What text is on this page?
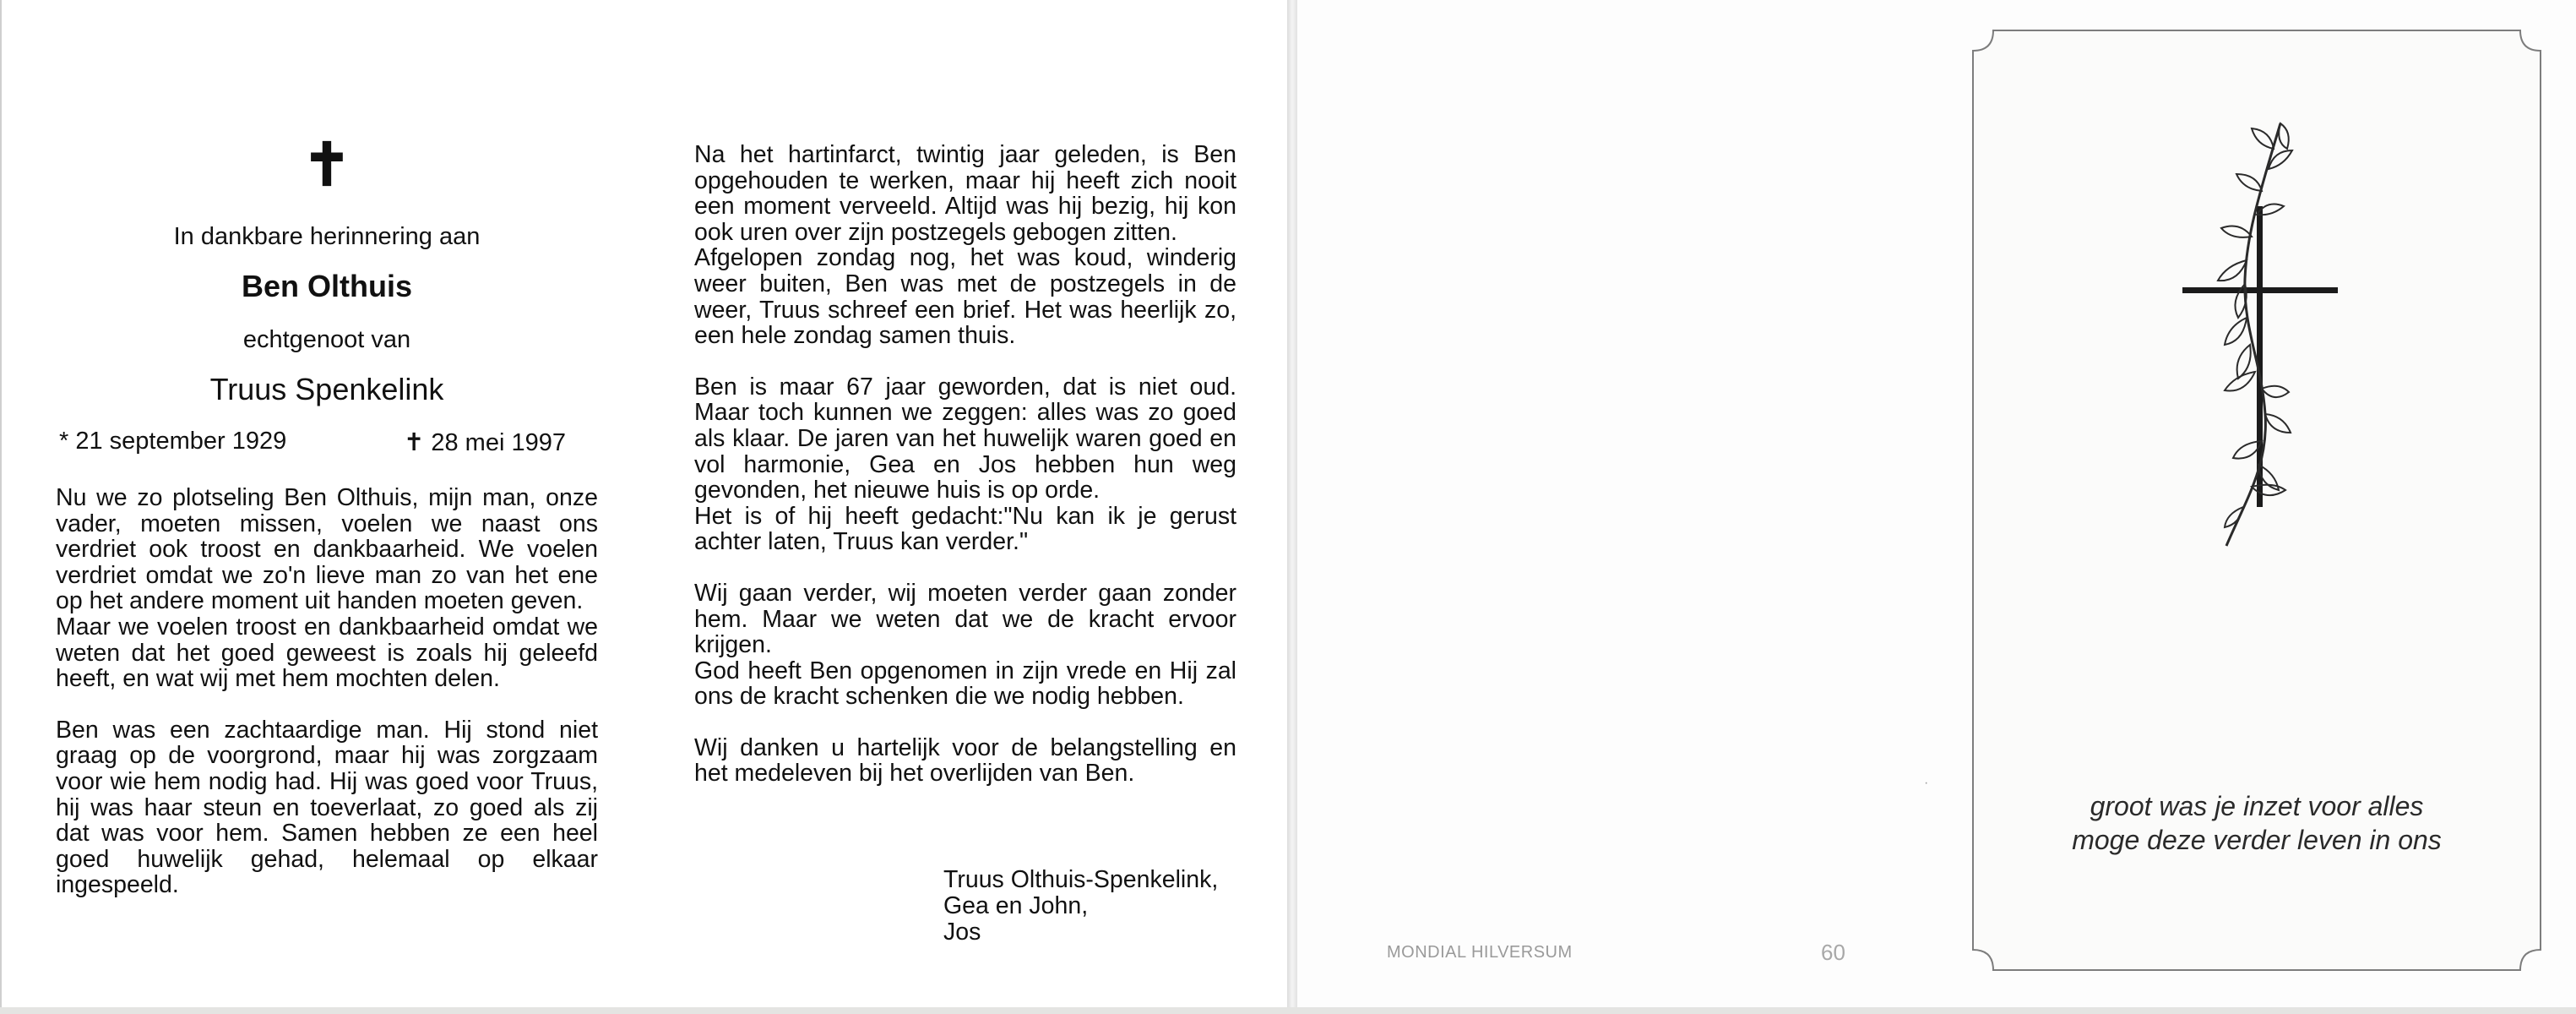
✝
In dankbare herinnering aan
Ben Olthuis
echtgenoot van
Truus Spenkelink
* 21 september 1929	✝ 28 mei 1997

Nu we zo plotseling Ben Olthuis, mijn man, onze vader, moeten missen, voelen we naast ons verdriet ook troost en dankbaarheid. We voelen verdriet omdat we zo'n lieve man zo van het ene op het andere moment uit handen moeten geven.

Maar we voelen troost en dankbaarheid omdat we weten dat het goed geweest is zoals hij geleefd heeft, en wat wij met hem mochten delen.

Ben was een zachtaardige man. Hij stond niet graag op de voorgrond, maar hij was zorgzaam voor wie hem nodig had. Hij was goed voor Truus, hij was haar steun en toeverlaat, zo goed als zij dat was voor hem. Samen hebben ze een heel goed huwelijk gehad, helemaal op elkaar ingespeeld.

Na het hartinfarct, twintig jaar geleden, is Ben opgehouden te werken, maar hij heeft zich nooit een moment verveeld. Altijd was hij bezig, hij kon ook uren over zijn postzegels gebogen zitten.

Afgelopen zondag nog, het was koud, winderig weer buiten, Ben was met de postzegels in de weer, Truus schreef een brief. Het was heerlijk zo, een hele zondag samen thuis.

Ben is maar 67 jaar geworden, dat is niet oud. Maar toch kunnen we zeggen: alles was zo goed als klaar. De jaren van het huwelijk waren goed en vol harmonie, Gea en Jos hebben hun weg gevonden, het nieuwe huis is op orde.

Het is of hij heeft gedacht:"Nu kan ik je gerust achter laten, Truus kan verder."

Wij gaan verder, wij moeten verder gaan zonder hem. Maar we weten dat we de kracht ervoor krijgen.

God heeft Ben opgenomen in zijn vrede en Hij zal ons de kracht schenken die we nodig hebben.

Wij danken u hartelijk voor de belangstelling en het medeleven bij het overlijden van Ben.

Truus Olthuis-Spenkelink,
Gea en John,
Jos
groot was je inzet voor alles
moge deze verder leven in ons
MONDIAL HILVERSUM	60
·
